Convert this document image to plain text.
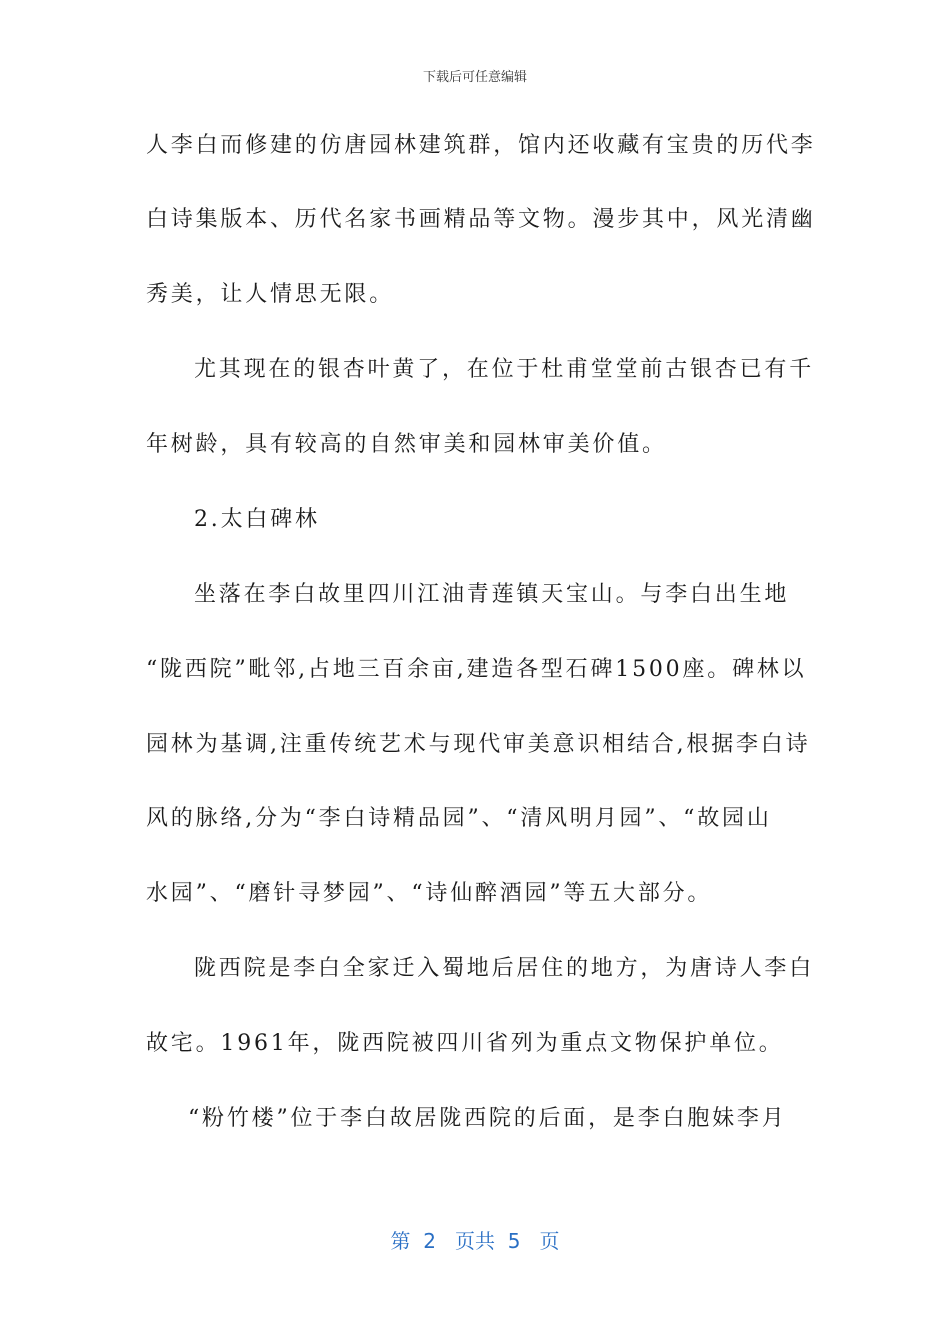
下载后可任意编辑
人李白而修建的仿唐园林建筑群，馆内还收藏有宝贵的历代李
白诗集版本、历代名家书画精品等文物。漫步其中，风光清幽
秀美，让人情思无限。
尤其现在的银杏叶黄了，在位于杜甫堂堂前古银杏已有千
年树龄，具有较高的自然审美和园林审美价值。
2.太白碑林
坐落在李白故里四川江油青莲镇天宝山。与李白出生地
“陇西院”毗邻,占地三百余亩,建造各型石碑1500座。碑林以
园林为基调,注重传统艺术与现代审美意识相结合,根据李白诗
风的脉络,分为“李白诗精品园”、“清风明月园”、“故园山
水园”、“磨针寻梦园”、“诗仙醉酒园”等五大部分。
陇西院是李白全家迁入蜀地后居住的地方，为唐诗人李白
故宅。1961年，陇西院被四川省列为重点文物保护单位。
“粉竹楼”位于李白故居陇西院的后面，是李白胞妹李月
第  2   页共  5   页
